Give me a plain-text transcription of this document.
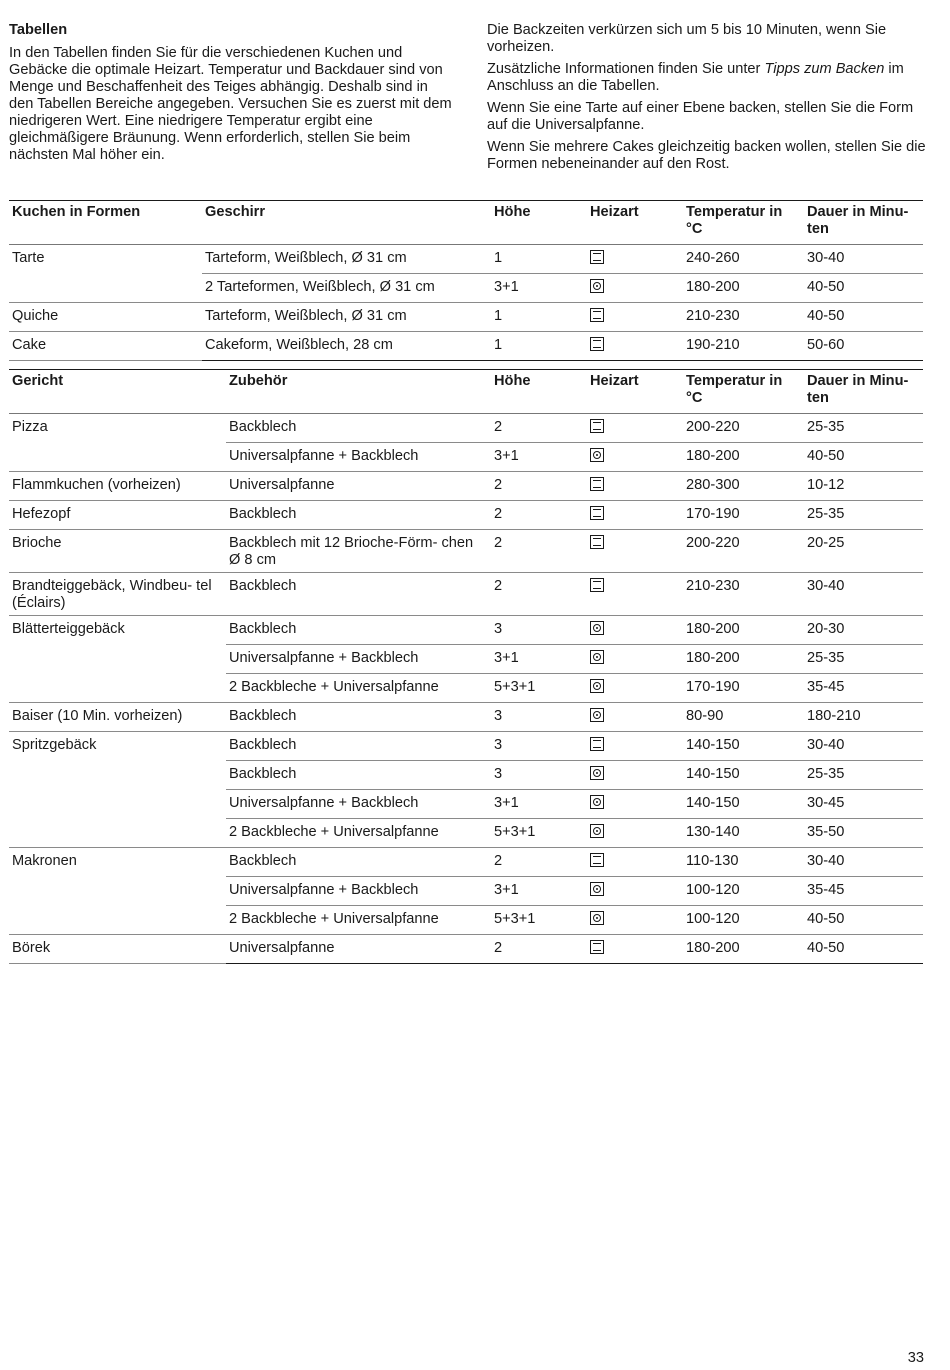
Tabellen

In den Tabellen finden Sie für die verschiedenen Kuchen und Gebäcke die optimale Heizart. Temperatur und Backdauer sind von Menge und Beschaffenheit des Teiges abhängig. Deshalb sind in den Tabellen Bereiche angegeben. Versuchen Sie es zuerst mit dem niedrigeren Wert. Eine niedrigere Temperatur ergibt eine gleichmäßigere Bräunung. Wenn erforderlich, stellen Sie beim nächsten Mal höher ein.

Die Backzeiten verkürzen sich um 5 bis 10 Minuten, wenn Sie vorheizen.

Zusätzliche Informationen finden Sie unter Tipps zum Backen im Anschluss an die Tabellen.

Wenn Sie eine Tarte auf einer Ebene backen, stellen Sie die Form auf die Universalpfanne.

Wenn Sie mehrere Cakes gleichzeitig backen wollen, stellen Sie die Formen nebeneinander auf den Rost.

Kuchen in Formen	Geschirr	Höhe	Heizart	Temperatur in °C	Dauer in Minu- ten
Tarte	Tarteform, Weißblech, Ø 31 cm	1		240-260	30-40
	2 Tarteformen, Weißblech, Ø 31 cm	3+1		180-200	40-50
Quiche	Tarteform, Weißblech, Ø 31 cm	1		210-230	40-50
Cake	Cakeform, Weißblech, 28 cm	1		190-210	50-60
Gericht	Zubehör	Höhe	Heizart	Temperatur in °C	Dauer in Minu- ten
Pizza	Backblech	2		200-220	25-35
	Universalpfanne + Backblech	3+1		180-200	40-50
Flammkuchen (vorheizen)	Universalpfanne	2		280-300	10-12
Hefezopf	Backblech	2		170-190	25-35
Brioche	Backblech mit 12 Brioche-Förm- chen Ø 8 cm	2		200-220	20-25
Brandteiggebäck, Windbeu- tel (Éclairs)	Backblech	2		210-230	30-40
Blätterteiggebäck	Backblech	3		180-200	20-30
	Universalpfanne + Backblech	3+1		180-200	25-35
	2 Backbleche + Universalpfanne	5+3+1		170-190	35-45
Baiser (10 Min. vorheizen)	Backblech	3		80-90	180-210
Spritzgebäck	Backblech	3		140-150	30-40
	Backblech	3		140-150	25-35
	Universalpfanne + Backblech	3+1		140-150	30-45
	2 Backbleche + Universalpfanne	5+3+1		130-140	35-50
Makronen	Backblech	2		110-130	30-40
	Universalpfanne + Backblech	3+1		100-120	35-45
	2 Backbleche + Universalpfanne	5+3+1		100-120	40-50
Börek	Universalpfanne	2		180-200	40-50
33
